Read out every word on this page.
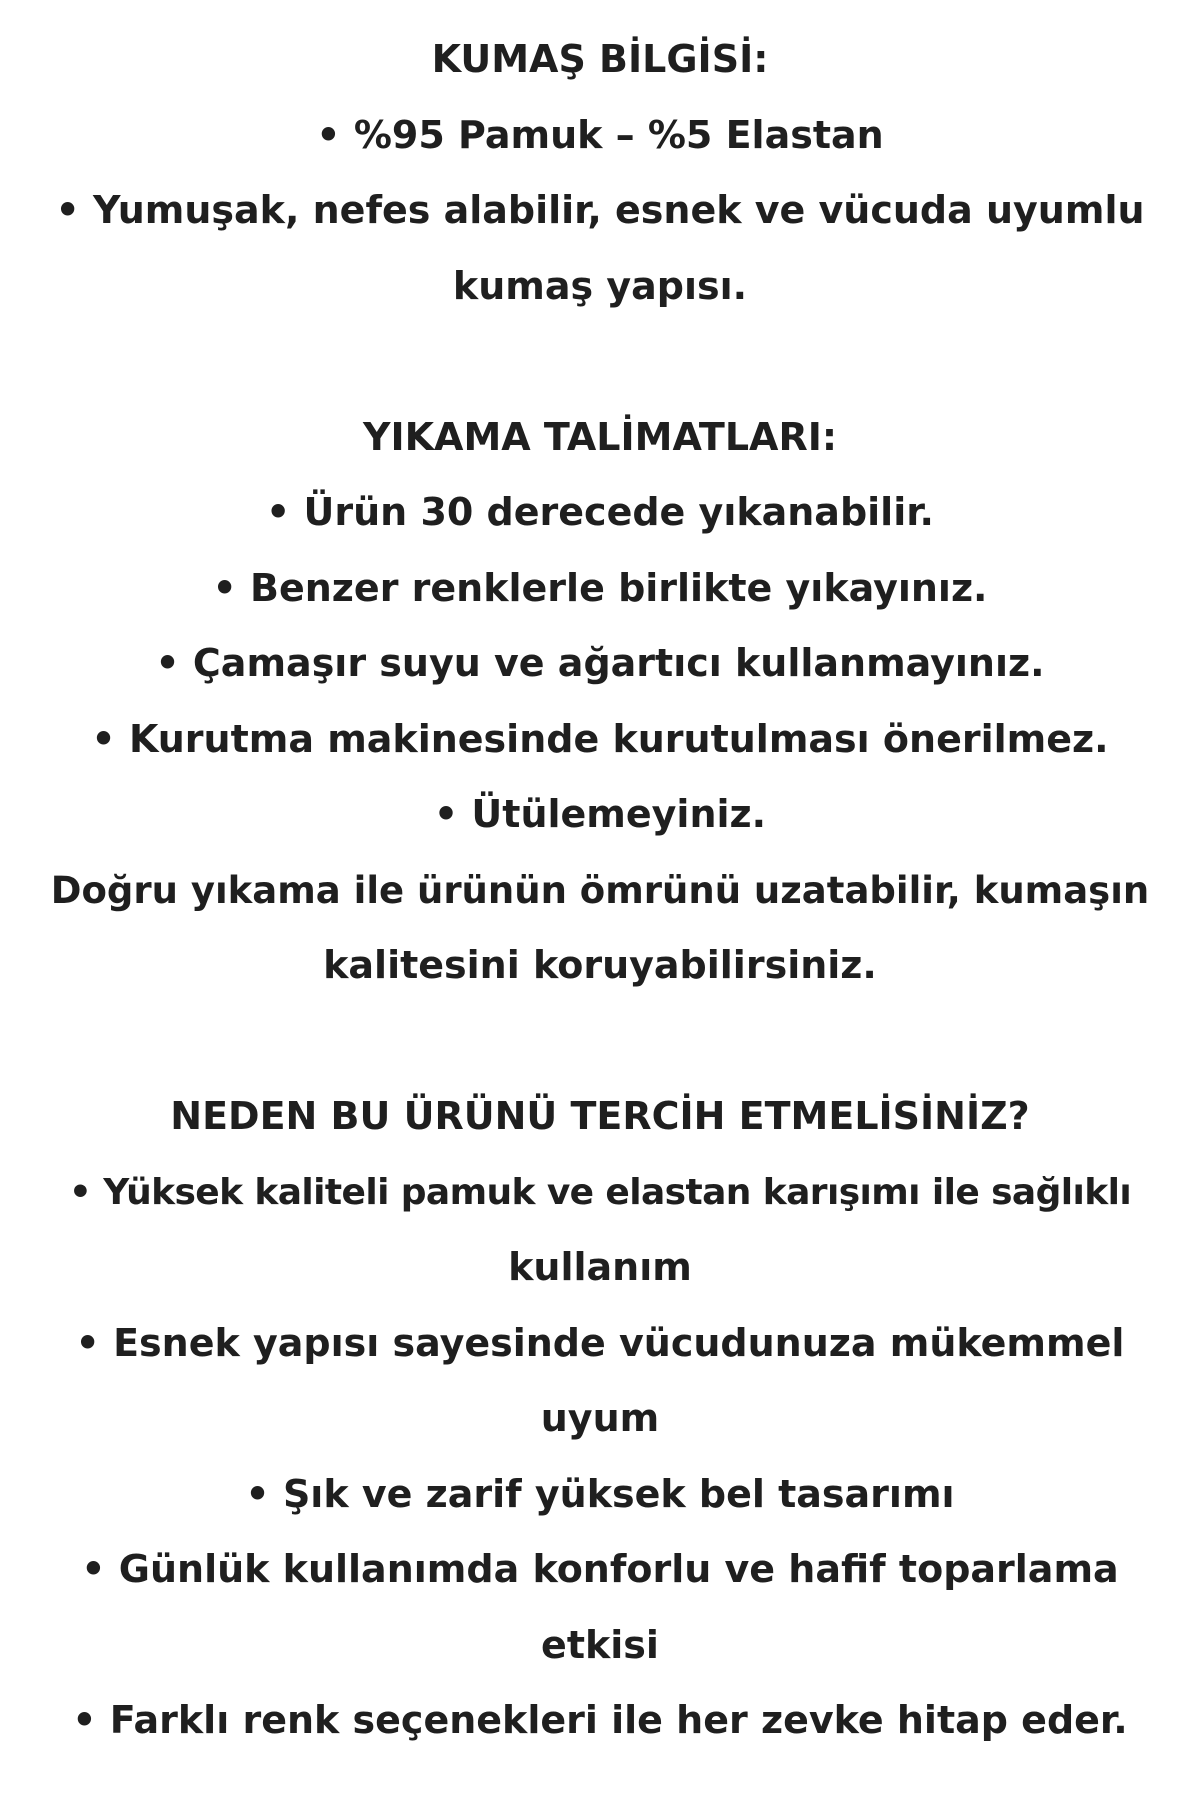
KUMAŞ BİLGİSİ:
• %95 Pamuk – %5 Elastan
• Yumuşak, nefes alabilir, esnek ve vücuda uyumlu
kumaş yapısı.
YIKAMA TALİMATLARI:
• Ürün 30 derecede yıkanabilir.
• Benzer renklerle birlikte yıkayınız.
• Çamaşır suyu ve ağartıcı kullanmayınız.
• Kurutma makinesinde kurutulması önerilmez.
• Ütülemeyiniz.
Doğru yıkama ile ürünün ömrünü uzatabilir, kumaşın
kalitesini koruyabilirsiniz.
NEDEN BU ÜRÜNÜ TERCİH ETMELİSİNİZ?
• Yüksek kaliteli pamuk ve elastan karışımı ile sağlıklı
kullanım
• Esnek yapısı sayesinde vücudunuza mükemmel
uyum
• Şık ve zarif yüksek bel tasarımı
• Günlük kullanımda konforlu ve hafif toparlama
etkisi
• Farklı renk seçenekleri ile her zevke hitap eder.
